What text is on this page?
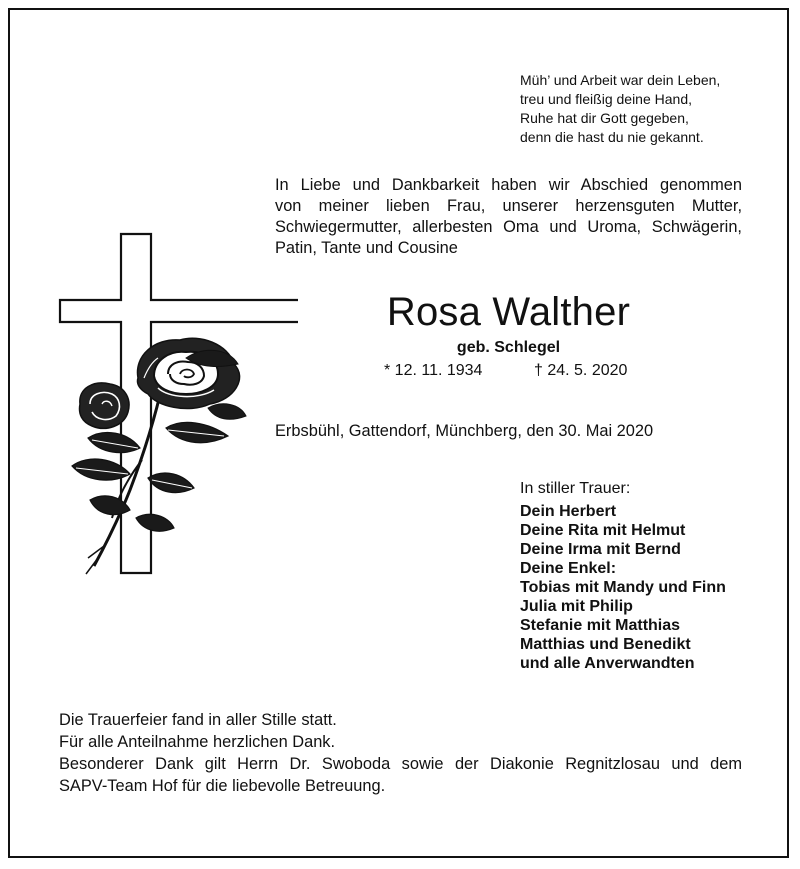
Müh’ und Arbeit war dein Leben,
treu und fleißig deine Hand,
Ruhe hat dir Gott gegeben,
denn die hast du nie gekannt.
In Liebe und Dankbarkeit haben wir Abschied genommen
von meiner lieben Frau, unserer herzensguten Mutter,
Schwiegermutter, allerbesten Oma und Uroma, Schwägerin,
Patin, Tante und Cousine
Rosa Walther
geb. Schlegel
* 12. 11. 1934	† 24. 5. 2020
Erbsbühl, Gattendorf, Münchberg, den 30. Mai 2020
In stiller Trauer:
Dein Herbert
Deine Rita mit Helmut
Deine Irma mit Bernd
Deine Enkel:
Tobias mit Mandy und Finn
Julia mit Philip
Stefanie mit Matthias
Matthias und Benedikt
und alle Anverwandten
Die Trauerfeier fand in aller Stille statt.
Für alle Anteilnahme herzlichen Dank.
Besonderer Dank gilt Herrn Dr. Swoboda sowie der Diakonie Regnitzlosau und dem
SAPV-Team Hof für die liebevolle Betreuung.
